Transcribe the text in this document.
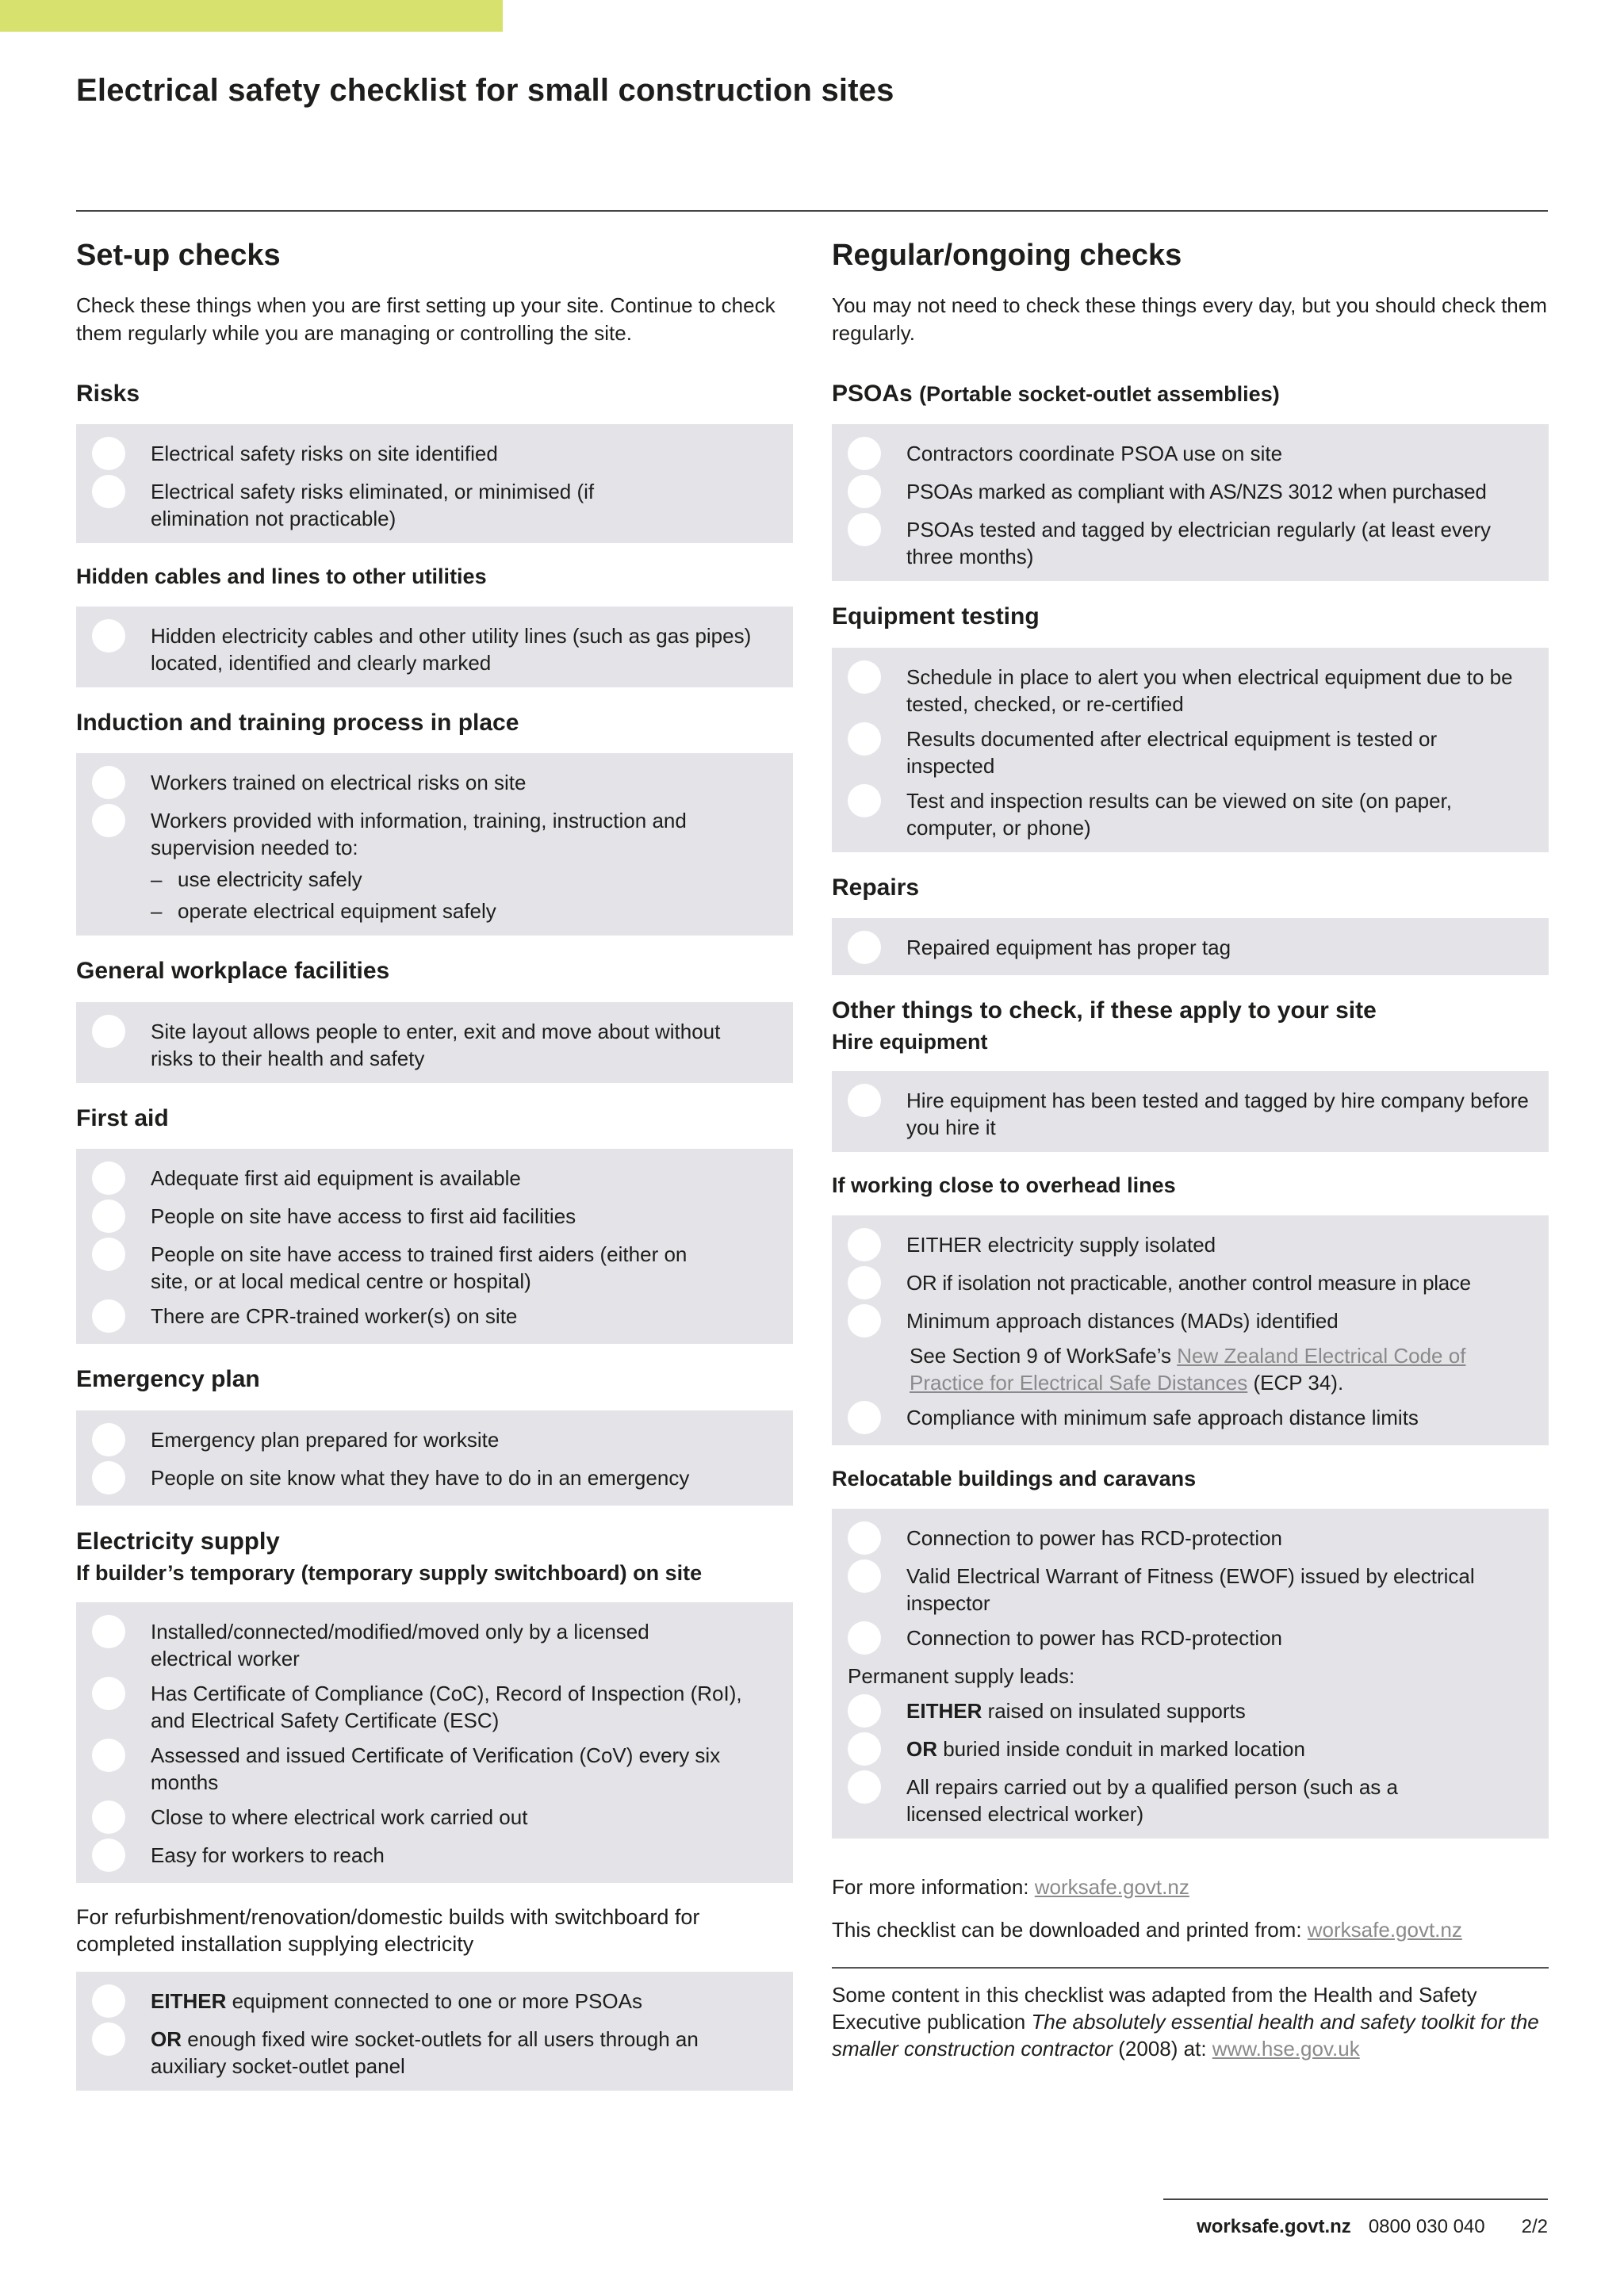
Electrical safety checklist for small construction sites
Set-up checks

Check these things when you are first setting up your site. Continue to check them regularly while you are managing or controlling the site.

Risks
Electrical safety risks on site identified
Electrical safety risks eliminated, or minimised (if elimination not practicable)
Hidden cables and lines to other utilities
Hidden electricity cables and other utility lines (such as gas pipes) located, identified and clearly marked
Induction and training process in place
Workers trained on electrical risks on site
Workers provided with information, training, instruction and supervision needed to:
– use electricity safely
– operate electrical equipment safely
General workplace facilities
Site layout allows people to enter, exit and move about without risks to their health and safety
First aid
Adequate first aid equipment is available
People on site have access to first aid facilities
People on site have access to trained first aiders (either on site, or at local medical centre or hospital)
There are CPR-trained worker(s) on site
Emergency plan
Emergency plan prepared for worksite
People on site know what they have to do in an emergency
Electricity supply
If builder’s temporary (temporary supply switchboard) on site
Installed/connected/modified/moved only by a licensed electrical worker
Has Certificate of Compliance (CoC), Record of Inspection (RoI), and Electrical Safety Certificate (ESC)
Assessed and issued Certificate of Verification (CoV) every six months
Close to where electrical work carried out
Easy for workers to reach
For refurbishment/renovation/domestic builds with switchboard for completed installation supplying electricity
EITHER equipment connected to one or more PSOAs
OR enough fixed wire socket-outlets for all users through an auxiliary socket-outlet panel
Regular/ongoing checks

You may not need to check these things every day, but you should check them regularly.

PSOAs (Portable socket-outlet assemblies)
Contractors coordinate PSOA use on site
PSOAs marked as compliant with AS/NZS 3012 when purchased
PSOAs tested and tagged by electrician regularly (at least every three months)
Equipment testing
Schedule in place to alert you when electrical equipment due to be tested, checked, or re-certified
Results documented after electrical equipment is tested or inspected
Test and inspection results can be viewed on site (on paper, computer, or phone)
Repairs
Repaired equipment has proper tag
Other things to check, if these apply to your site
Hire equipment
Hire equipment has been tested and tagged by hire company before you hire it
If working close to overhead lines
EITHER electricity supply isolated
OR if isolation not practicable, another control measure in place
Minimum approach distances (MADs) identified
See Section 9 of WorkSafe’s New Zealand Electrical Code of Practice for Electrical Safe Distances (ECP 34).
Compliance with minimum safe approach distance limits
Relocatable buildings and caravans
Connection to power has RCD-protection
Valid Electrical Warrant of Fitness (EWOF) issued by electrical inspector
Connection to power has RCD-protection
Permanent supply leads:
EITHER raised on insulated supports
OR buried inside conduit in marked location
All repairs carried out by a qualified person (such as a licensed electrical worker)

For more information: worksafe.govt.nz

This checklist can be downloaded and printed from: worksafe.govt.nz

Some content in this checklist was adapted from the Health and Safety Executive publication The absolutely essential health and safety toolkit for the smaller construction contractor (2008) at: www.hse.gov.uk
worksafe.govt.nz 0800 030 040 2/2
